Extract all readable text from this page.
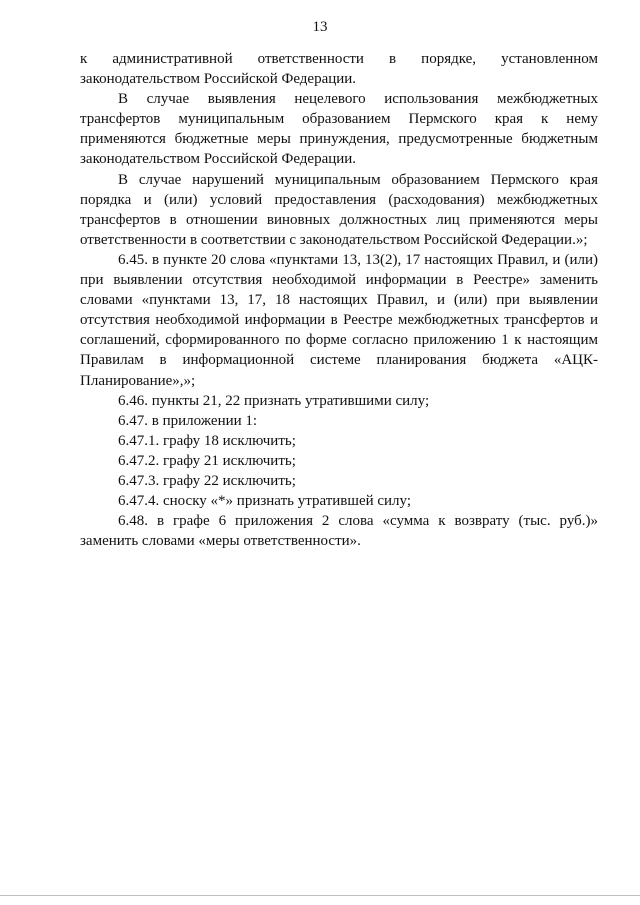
13

к административной ответственности в порядке, установленном законодательством Российской Федерации.

В случае выявления нецелевого использования межбюджетных трансфертов муниципальным образованием Пермского края к нему применяются бюджетные меры принуждения, предусмотренные бюджетным законодательством Российской Федерации.

В случае нарушений муниципальным образованием Пермского края порядка и (или) условий предоставления (расходования) межбюджетных трансфертов в отношении виновных должностных лиц применяются меры ответственности в соответствии с законодательством Российской Федерации.»;

6.45. в пункте 20 слова «пунктами 13, 13(2), 17 настоящих Правил, и (или) при выявлении отсутствия необходимой информации в Реестре» заменить словами «пунктами 13, 17, 18 настоящих Правил, и (или) при выявлении отсутствия необходимой информации в Реестре межбюджетных трансфертов и соглашений, сформированного по форме согласно приложению 1 к настоящим Правилам в информационной системе планирования бюджета «АЦК-Планирование»,»;

6.46. пункты 21, 22 признать утратившими силу;

6.47. в приложении 1:

6.47.1. графу 18 исключить;

6.47.2. графу 21 исключить;

6.47.3. графу 22 исключить;

6.47.4. сноску «*» признать утратившей силу;

6.48. в графе 6 приложения 2 слова «сумма к возврату (тыс. руб.)» заменить словами «меры ответственности».
